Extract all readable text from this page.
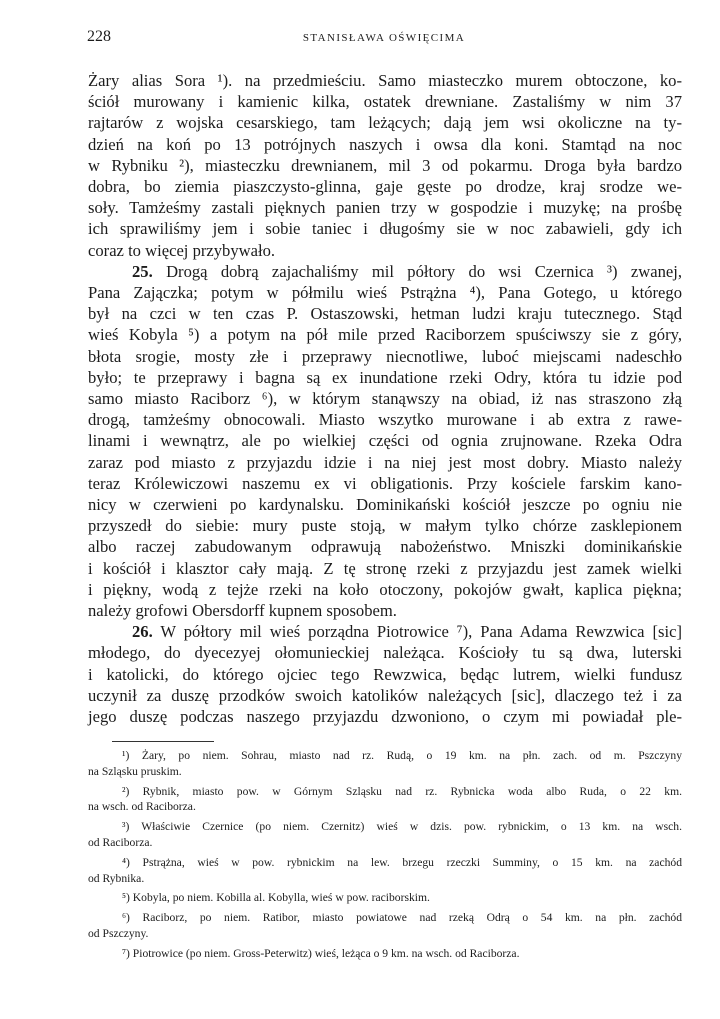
228	STANISŁAWA OŚWIĘCIMA
Żary alias Sora ¹). na przedmieściu. Samo miasteczko murem obtoczone, ko-
ściół murowany i kamienic kilka, ostatek drewniane. Zastaliśmy w nim 37
rajtarów z wojska cesarskiego, tam leżących; dają jem wsi okoliczne na ty-
dzień na koń po 13 potrójnych naszych i owsa dla koni. Stamtąd na noc
w Rybniku ²), miasteczku drewnianem, mil 3 od pokarmu. Droga była bardzo
dobra, bo ziemia piaszczysto-glinna, gaje gęste po drodze, kraj srodze we-
soły. Tamżeśmy zastali pięknych panien trzy w gospodzie i muzykę; na prośbę
ich sprawiliśmy jem i sobie taniec i długośmy sie w noc zabawieli, gdy ich
coraz to więcej przybywało.
25. Drogą dobrą zajachaliśmy mil półtory do wsi Czernica ³) zwanej,
Pana Zajączka; potym w półmilu wieś Pstrążna ⁴), Pana Gotego, u którego
był na czci w ten czas P. Ostaszowski, hetman ludzi kraju tutecznego. Stąd
wieś Kobyla ⁵) a potym na pół mile przed Raciborzem spuściwszy sie z góry,
błota srogie, mosty złe i przeprawy niecnotliwe, luboć miejscami nadeschło
było; te przeprawy i bagna są ex inundatione rzeki Odry, która tu idzie pod
samo miasto Raciborz ⁶), w którym stanąwszy na obiad, iż nas straszono złą
drogą, tamżeśmy obnocowali. Miasto wszytko murowane i ab extra z rawe-
linami i wewnątrz, ale po wielkiej części od ognia zrujnowane. Rzeka Odra
zaraz pod miasto z przyjazdu idzie i na niej jest most dobry. Miasto należy
teraz Królewiczowi naszemu ex vi obligationis. Przy kościele farskim kano-
nicy w czerwieni po kardynalsku. Dominikański kościół jeszcze po ogniu nie
przyszedł do siebie: mury puste stoją, w małym tylko chórze zasklepionem
albo raczej zabudowanym odprawują nabożeństwo. Mniszki dominikańskie
i kościół i klasztor cały mają. Z tę stronę rzeki z przyjazdu jest zamek wielki
i piękny, wodą z tejże rzeki na koło otoczony, pokojów gwałt, kaplica piękna;
należy grofowi Obersdorff kupnem sposobem.
26. W półtory mil wieś porządna Piotrowice ⁷), Pana Adama Rewzwica [sic]
młodego, do dyecezyej ołomunieckiej należąca. Kościoły tu są dwa, luterski
i katolicki, do którego ojciec tego Rewzwica, będąc lutrem, wielki fundusz
uczynił za duszę przodków swoich katolików należących [sic], dlaczego też i za
jego duszę podczas naszego przyjazdu dzwoniono, o czym mi powiadał ple-
¹) Żary, po niem. Sohrau, miasto nad rz. Rudą, o 19 km. na płn. zach. od m. Pszczyny
na Szląsku pruskim.
²) Rybnik, miasto pow. w Górnym Szląsku nad rz. Rybnicka woda albo Ruda, o 22 km.
na wsch. od Raciborza.
³) Właściwie Czernice (po niem. Czernitz) wieś w dzis. pow. rybnickim, o 13 km. na wsch.
od Raciborza.
⁴) Pstrążna, wieś w pow. rybnickim na lew. brzegu rzeczki Summiny, o 15 km. na zachód
od Rybnika.
⁵) Kobyla, po niem. Kobilla al. Kobylla, wieś w pow. raciborskim.
⁶) Raciborz, po niem. Ratibor, miasto powiatowe nad rzeką Odrą o 54 km. na płn. zachód
od Pszczyny.
⁷) Piotrowice (po niem. Gross-Peterwitz) wieś, leżąca o 9 km. na wsch. od Raciborza.
